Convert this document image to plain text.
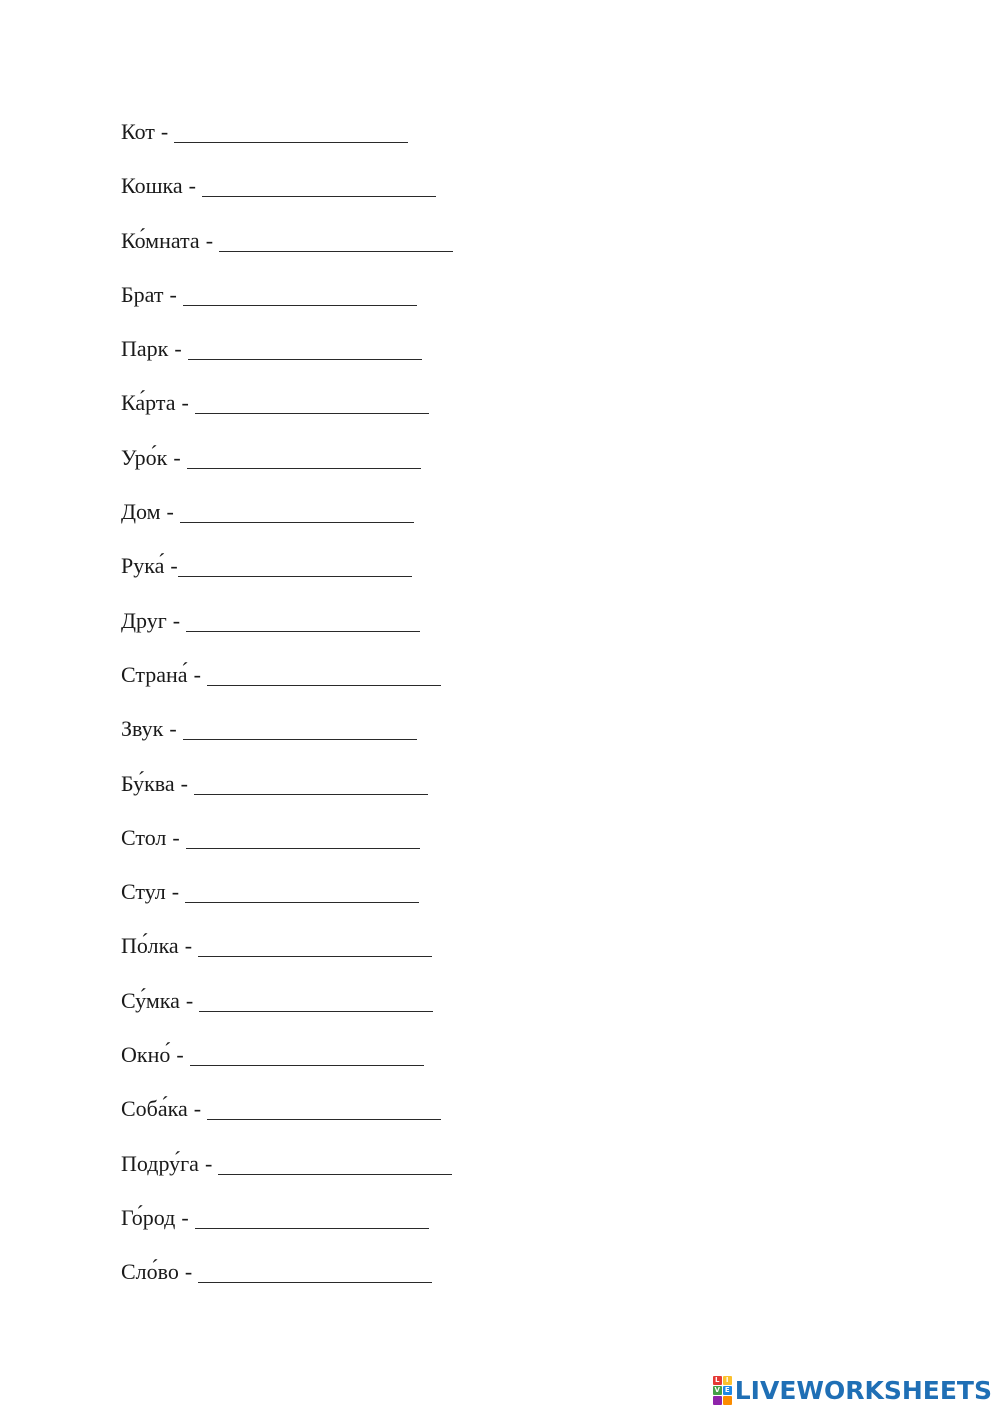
Кот -
Кошка -
Ко́мната -
Брат -
Парк -
Ка́рта -
Уро́к -
Дом -
Рука́ -
Друг -
Страна́ -
Звук -
Бу́ква -
Стол -
Стул -
По́лка -
Су́мка -
Окно́ -
Соба́ка -
Подру́га -
Го́род -
Сло́во -
L I
V E LIVEWORKSHEETS
